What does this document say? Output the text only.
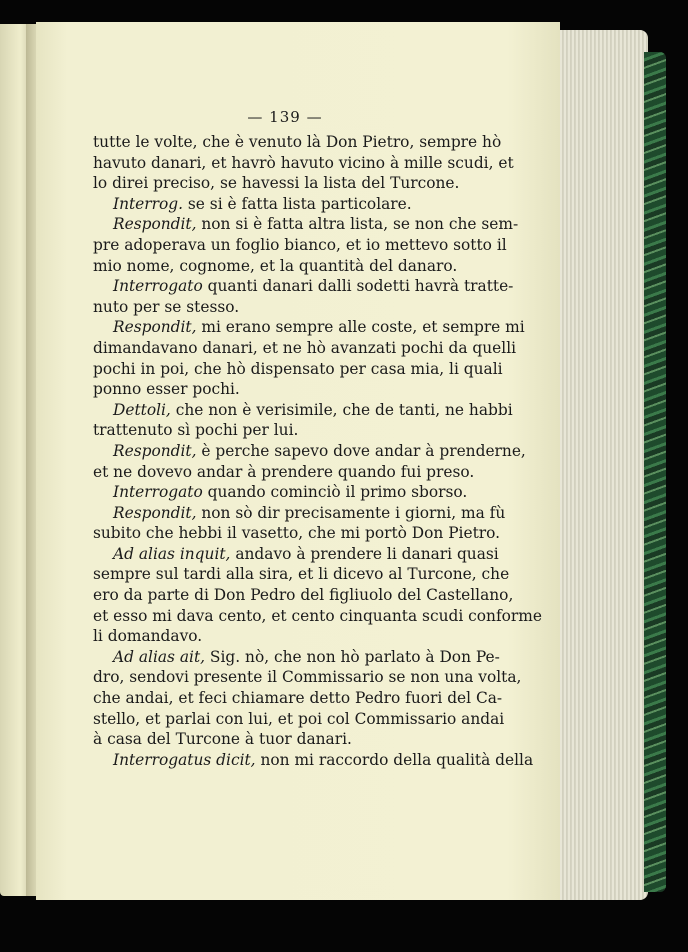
— 139 —
tutte le volte, che è venuto là Don Pietro, sempre hò
havuto danari, et havrò havuto vicino à mille scudi, et
lo direi preciso, se havessi la lista del Turcone.
Interrog. se si è fatta lista particolare.
Respondit, non si è fatta altra lista, se non che sem-
pre adoperava un foglio bianco, et io mettevo sotto il
mio nome, cognome, et la quantità del danaro.
Interrogato quanti danari dalli sodetti havrà tratte-
nuto per se stesso.
Respondit, mi erano sempre alle coste, et sempre mi
dimandavano danari, et ne hò avanzati pochi da quelli
pochi in poi, che hò dispensato per casa mia, li quali
ponno esser pochi.
Dettoli, che non è verisimile, che de tanti, ne habbi
trattenuto sì pochi per lui.
Respondit, è perche sapevo dove andar à prenderne,
et ne dovevo andar à prendere quando fui preso.
Interrogato quando cominciò il primo sborso.
Respondit, non sò dir precisamente i giorni, ma fù
subito che hebbi il vasetto, che mi portò Don Pietro.
Ad alias inquit, andavo à prendere li danari quasi
sempre sul tardi alla sira, et li dicevo al Turcone, che
ero da parte di Don Pedro del figliuolo del Castellano,
et esso mi dava cento, et cento cinquanta scudi conforme
li domandavo.
Ad alias ait, Sig. nò, che non hò parlato à Don Pe-
dro, sendovi presente il Commissario se non una volta,
che andai, et feci chiamare detto Pedro fuori del Ca-
stello, et parlai con lui, et poi col Commissario andai
à casa del Turcone à tuor danari.
Interrogatus dicit, non mi raccordo della qualità della
